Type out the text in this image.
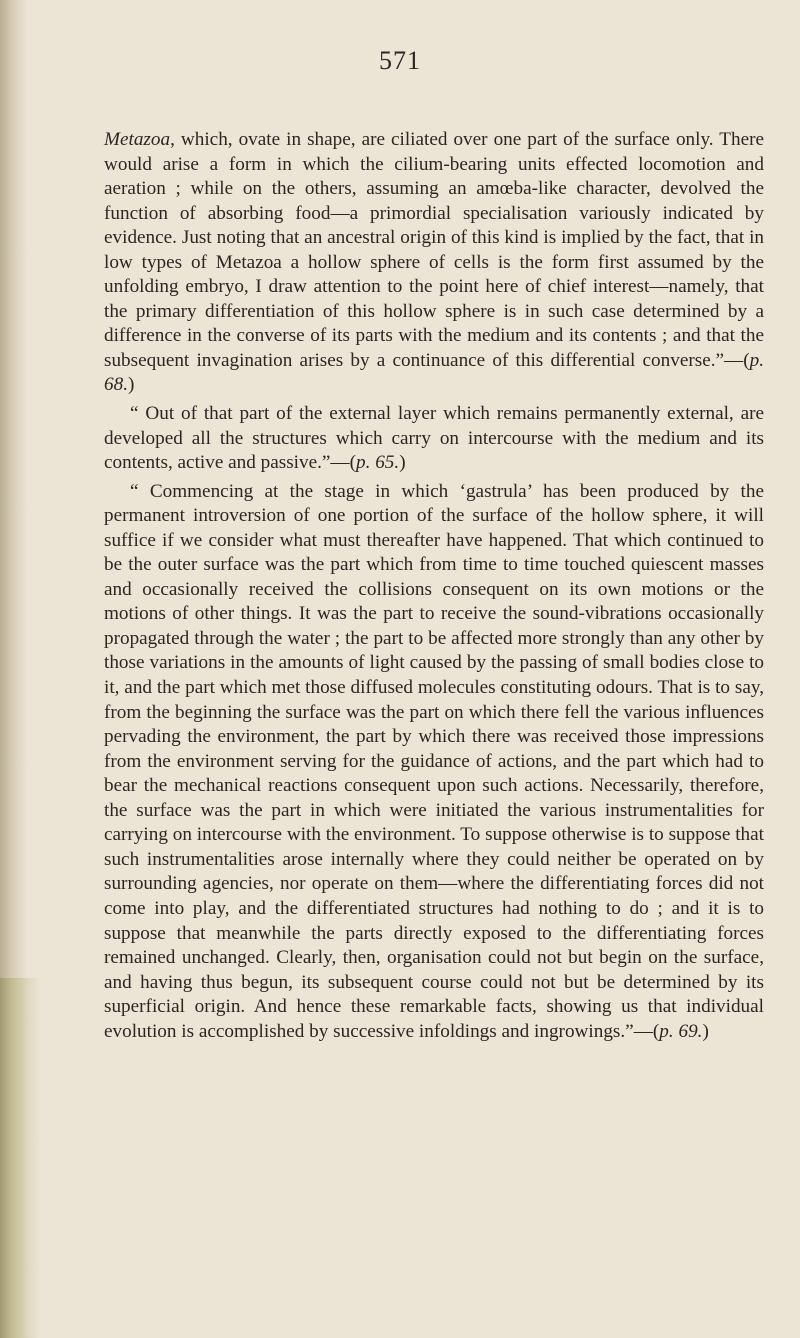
571

Metazoa, which, ovate in shape, are ciliated over one part of the surface only. There would arise a form in which the cilium-bearing units effected locomotion and aeration ; while on the others, assuming an amœba-like character, devolved the function of absorbing food—a primordial specialisation variously indicated by evidence. Just noting that an ancestral origin of this kind is implied by the fact, that in low types of Metazoa a hollow sphere of cells is the form first assumed by the unfolding embryo, I draw attention to the point here of chief interest—namely, that the primary differentiation of this hollow sphere is in such case determined by a difference in the converse of its parts with the medium and its contents ; and that the subsequent invagination arises by a continuance of this differential converse.”—(p. 68.)

“ Out of that part of the external layer which remains permanently external, are developed all the structures which carry on intercourse with the medium and its contents, active and passive.”—(p. 65.)

“ Commencing at the stage in which ‘gastrula’ has been produced by the permanent introversion of one portion of the surface of the hollow sphere, it will suffice if we consider what must thereafter have happened. That which continued to be the outer surface was the part which from time to time touched quiescent masses and occasionally received the collisions consequent on its own motions or the motions of other things. It was the part to receive the sound-vibrations occasionally propagated through the water ; the part to be affected more strongly than any other by those variations in the amounts of light caused by the passing of small bodies close to it, and the part which met those diffused molecules constituting odours. That is to say, from the beginning the surface was the part on which there fell the various influences pervading the environment, the part by which there was received those impressions from the environment serving for the guidance of actions, and the part which had to bear the mechanical reactions consequent upon such actions. Necessarily, therefore, the surface was the part in which were initiated the various instrumentalities for carrying on intercourse with the environment. To suppose otherwise is to suppose that such instrumentalities arose internally where they could neither be operated on by surrounding agencies, nor operate on them—where the differentiating forces did not come into play, and the differentiated structures had nothing to do ; and it is to suppose that meanwhile the parts directly exposed to the differentiating forces remained unchanged. Clearly, then, organisation could not but begin on the surface, and having thus begun, its subsequent course could not but be determined by its superficial origin. And hence these remarkable facts, showing us that individual evolution is accomplished by successive infoldings and ingrowings.”—(p. 69.)
